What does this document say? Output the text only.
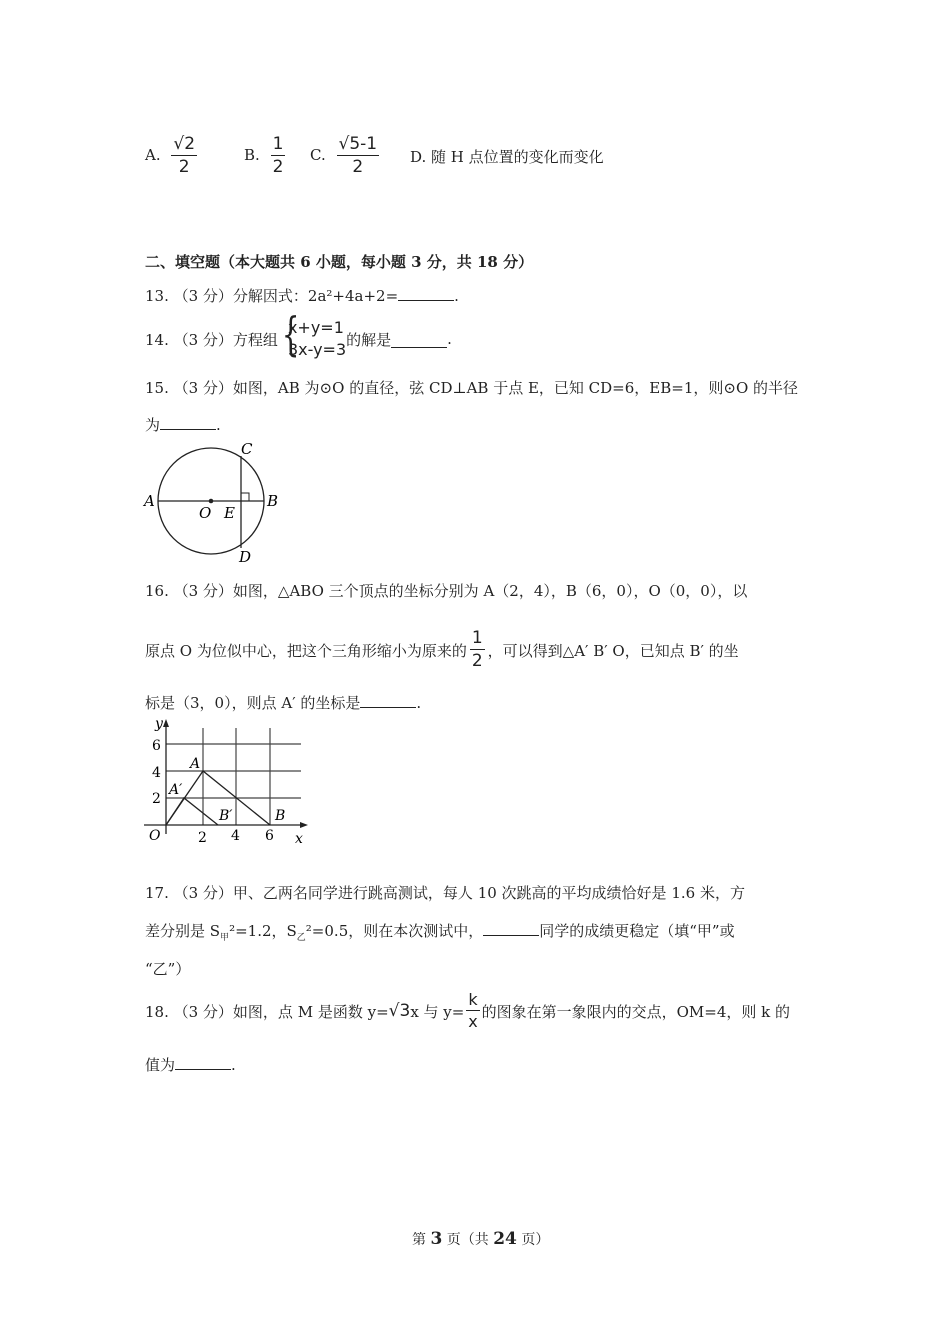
A. $\frac{√2}{2}$	B. $\frac{1}{2} C$. $\frac{√5-1}{2} D$. 随 H 点位置的变化而变化
二、填空题（本大题共 6 小题，每小题 3 分，共 18 分）
13. （3 分）分解因式：2a²+4a+2=	.
14. （3 分）方程组 {
x+y=1
3x-y=3
的解是	.
15. （3 分）如图，AB 为⊙O 的直径，弦 CD⊥AB 于点 E，已知 CD=6，EB=1，则⊙O 的半径
为	.
A	B
C
D
O E
16. （3 分）如图，△ABO 三个顶点的坐标分别为 A（2，4），B（6，0），O（0，0），以
原点 O 为位似中心，把这个三角形缩小为原来的 $\frac{1}{2}$ ，可以得到△A′ B′ O，已知点 B′ 的坐
标是（3，0），则点 A′ 的坐标是	.
y
x
O
6
4
2
2 4 6
A
A′
B′	B
17. （3 分）甲、乙两名同学进行跳高测试，每人 10 次跳高的平均成绩恰好是 1.6 米，方
差分别是 $S_甲^2=1.2$，$S_乙^2=0.5$，则在本次测试中，	同学的成绩更稳定（填“甲”或
“乙”）
18. （3 分）如图，点 M 是函数 y= √3 x 与 $y= \frac{k}{x}$ 的图象在第一象限内的交点，OM=4，则 k 的
值为	.
第 3 页（共 24 页）
